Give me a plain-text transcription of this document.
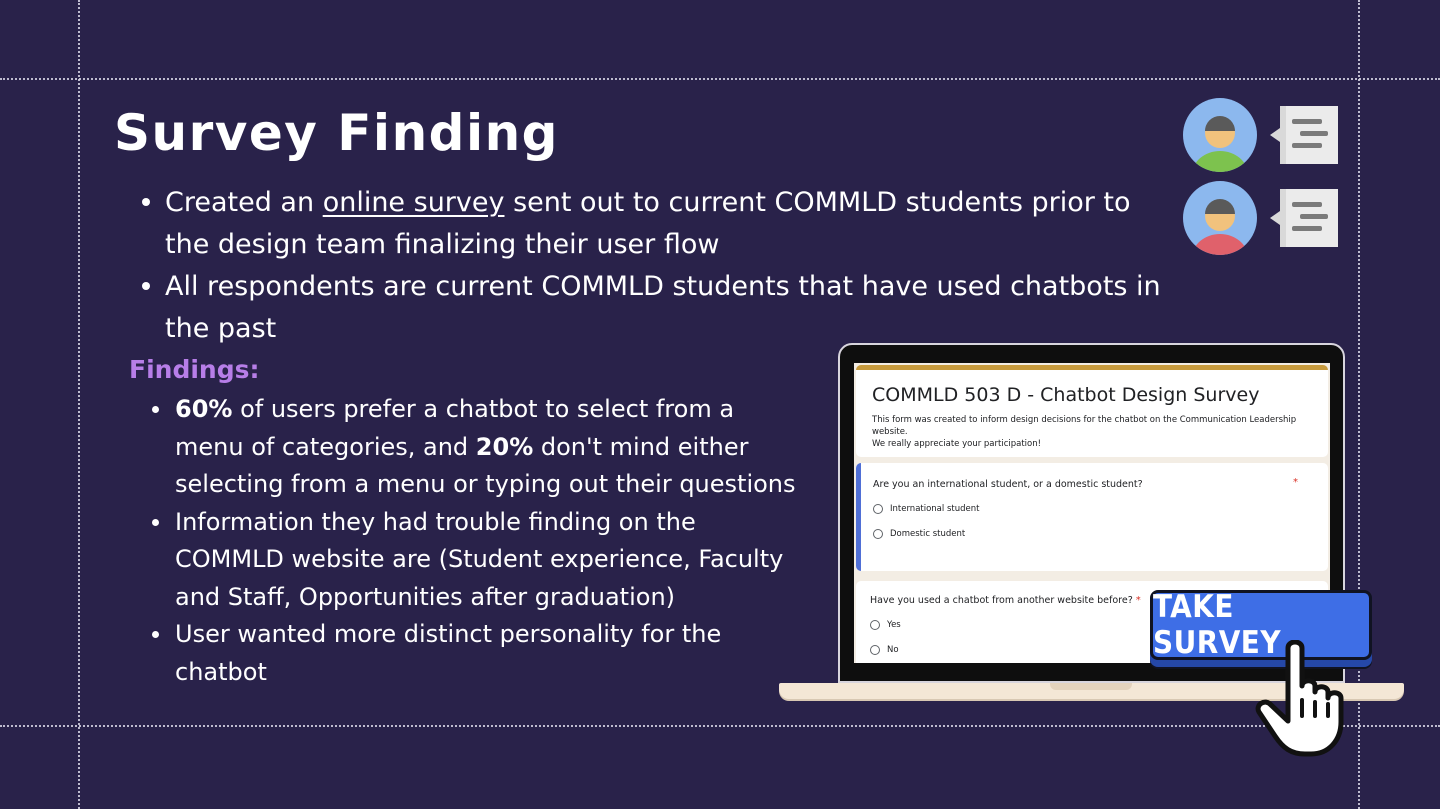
Survey Finding
Created an online survey sent out to current COMMLD students prior to the design team finalizing their user flow
All respondents are current COMMLD students that have used chatbots in the past
Findings:
60% of users prefer a chatbot to select from a menu of categories, and 20% don't mind either selecting from a menu or typing out their questions
Information they had trouble finding on the COMMLD website are (Student experience, Faculty and Staff, Opportunities after graduation)
User wanted more distinct personality for the chatbot

COMMLD 503 D - Chatbot Design Survey

This form was created to inform design decisions for the chatbot on the Communication Leadership website.
We really appreciate your participation!

Are you an international student, or a domestic student?	*
International student
Domestic student

Have you used a chatbot from another website before? *

Yes
No
TAKE SURVEY
